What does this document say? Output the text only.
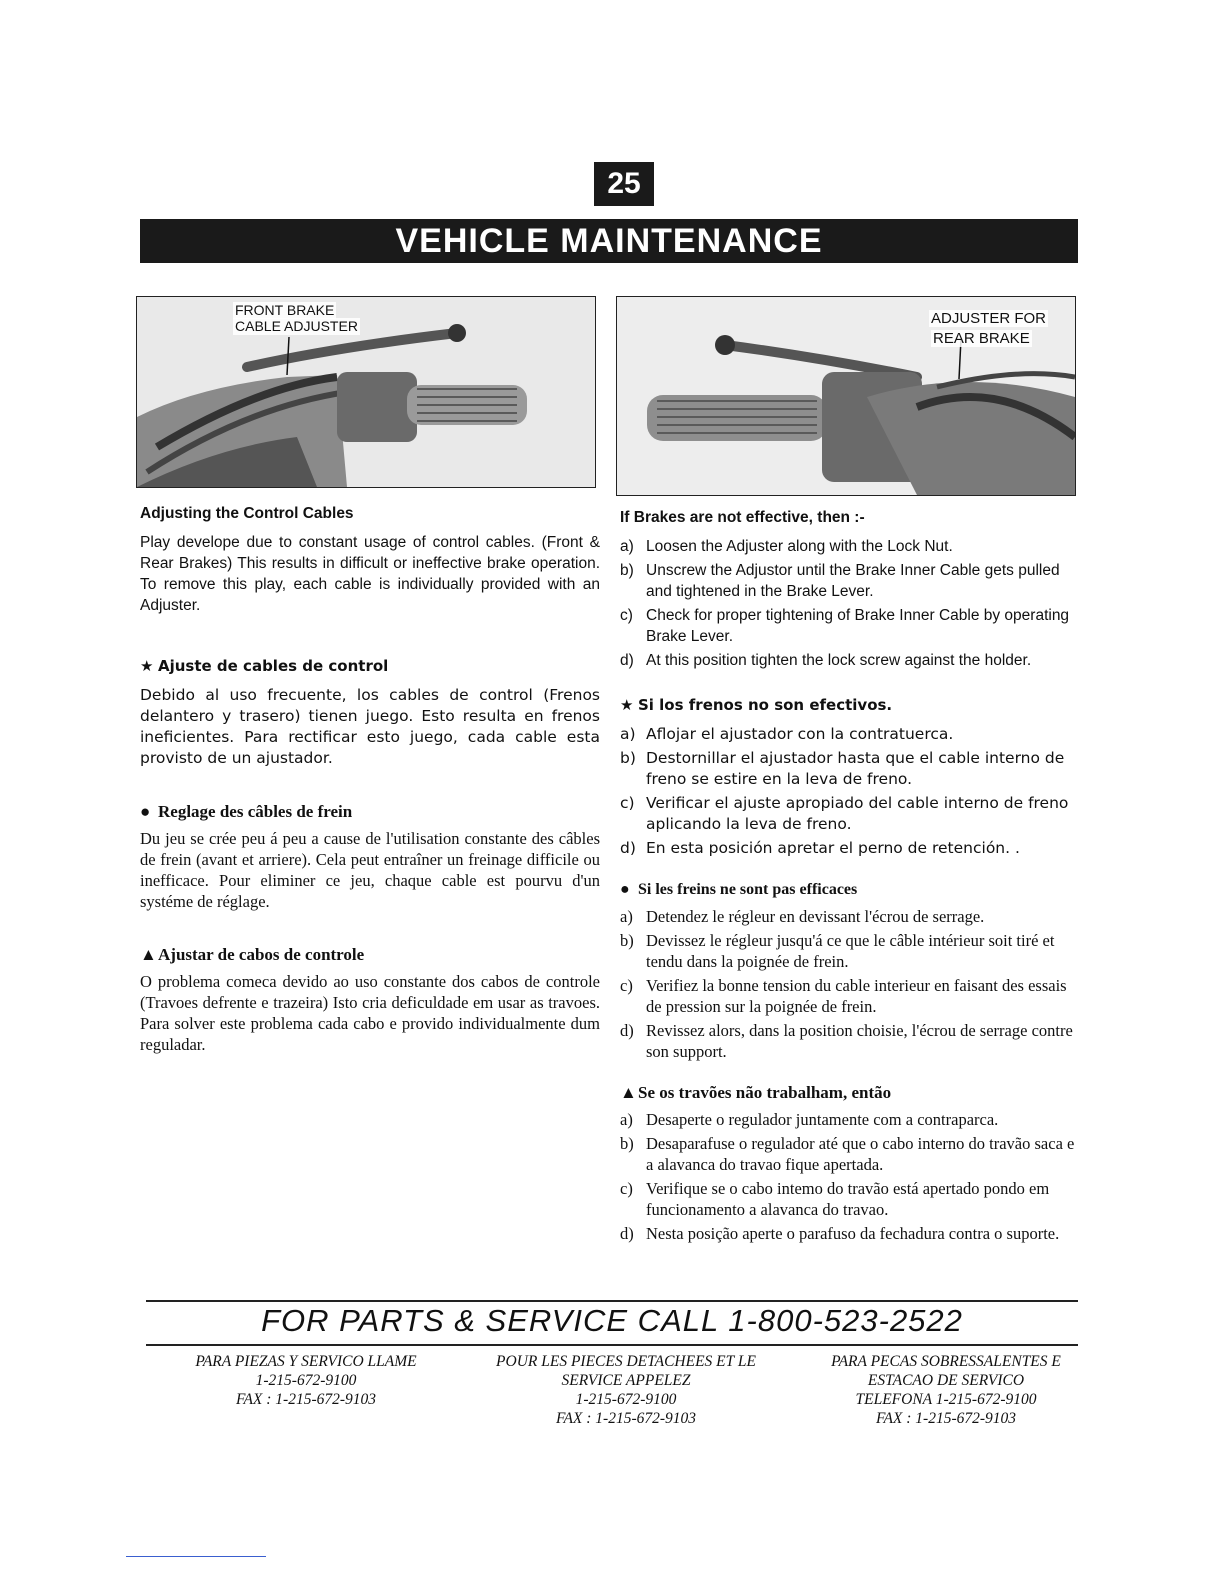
25
VEHICLE MAINTENANCE
FRONT BRAKE
CABLE ADJUSTER	ADJUSTER FOR
REAR BRAKE
Adjusting the Control Cables
Play develope due to constant usage of control cables. (Front & Rear Brakes) This results in difficult or ineffective brake operation. To remove this play, each cable is individually provided with an Adjuster.
★ Ajuste de cables de control
Debido al uso frecuente, los cables de control (Frenos delantero y trasero) tienen juego. Esto resulta en frenos ineficientes. Para rectificar esto juego, cada cable esta provisto de un ajustador.
● Reglage des câbles de frein
Du jeu se crée peu á peu a cause de l'utilisation constante des câbles de frein (avant et arriere). Cela peut entraîner un freinage difficile ou inefficace. Pour eliminer ce jeu, chaque cable est pourvu d'un systéme de réglage.
▲Ajustar de cabos de controle
O problema comeca devido ao uso constante dos cabos de controle (Travoes defrente e trazeira) Isto cria deficuldade em usar as travoes. Para solver este problema cada cabo e provido individualmente dum reguladar.
If Brakes are not effective, then :-
a) Loosen the Adjuster along with the Lock Nut.
b) Unscrew the Adjustor until the Brake Inner Cable gets pulled and tightened in the Brake Lever.
c) Check for proper tightening of Brake Inner Cable by operating Brake Lever.
d) At this position tighten the lock screw against the holder.
★ Si los frenos no son efectivos.
a) Aflojar el ajustador con la contratuerca.
b) Destornillar el ajustador hasta que el cable interno de freno se estire en la leva de freno.
c) Verificar el ajuste apropiado del cable interno de freno aplicando la leva de freno.
d) En esta posición apretar el perno de retención. .
● Si les freins ne sont pas efficaces
a) Detendez le régleur en devissant l'écrou de serrage.
b) Devissez le régleur jusqu'á ce que le câble intérieur soit tiré et tendu dans la poignée de frein.
c) Verifiez la bonne tension du cable interieur en faisant des essais de pression sur la poignée de frein.
d) Revissez alors, dans la position choisie, l'écrou de serrage contre son support.
▲Se os travões não trabalham, então
a) Desaperte o regulador juntamente com a contraparca.
b) Desaparafuse o regulador até que o cabo interno do travão saca e a alavanca do travao fique apertada.
c) Verifique se o cabo intemo do travão está apertado pondo em funcionamento a alavanca do travao.
d) Nesta posição aperte o parafuso da fechadura contra o suporte.
FOR PARTS & SERVICE CALL 1-800-523-2522
PARA PIEZAS Y SERVICO LLAME
1-215-672-9100
FAX : 1-215-672-9103
POUR LES PIECES DETACHEES ET LE
SERVICE APPELEZ
1-215-672-9100
FAX : 1-215-672-9103
PARA PECAS SOBRESSALENTES E
ESTACAO DE SERVICO
TELEFONA 1-215-672-9100
FAX : 1-215-672-9103
